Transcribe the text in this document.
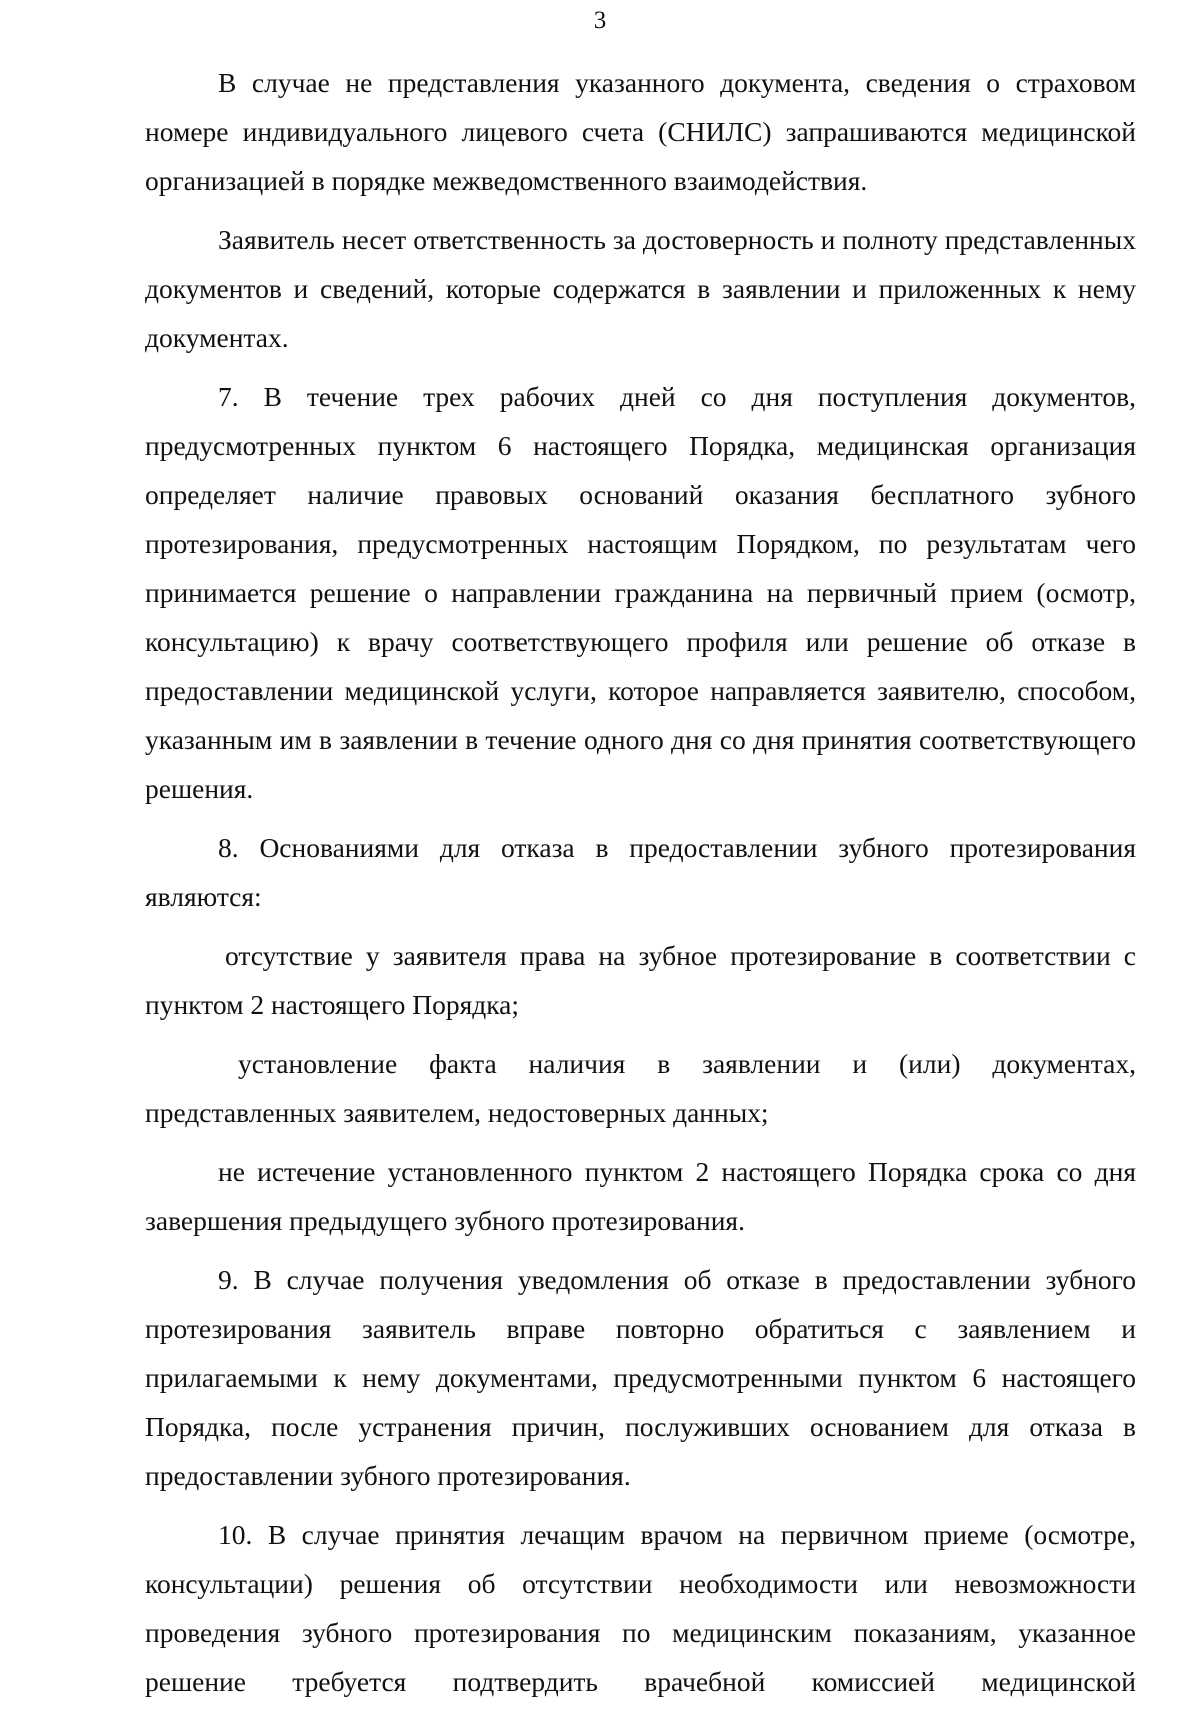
3

В случае не представления указанного документа, сведения о страховом номере индивидуального лицевого счета (СНИЛС) запрашиваются медицинской организацией в порядке межведомственного взаимодействия.

Заявитель несет ответственность за достоверность и полноту представленных документов и сведений, которые содержатся в заявлении и приложенных к нему документах.

7. В течение трех рабочих дней со дня поступления документов, предусмотренных пунктом 6 настоящего Порядка, медицинская организация определяет наличие правовых оснований оказания бесплатного зубного протезирования, предусмотренных настоящим Порядком, по результатам чего принимается решение о направлении гражданина на первичный прием (осмотр, консультацию) к врачу соответствующего профиля или решение об отказе в предоставлении медицинской услуги, которое направляется заявителю, способом, указанным им в заявлении в течение одного дня со дня принятия соответствующего решения.

8. Основаниями для отказа в предоставлении зубного протезирования являются:

отсутствие у заявителя права на зубное протезирование в соответствии с пунктом 2 настоящего Порядка;

установление факта наличия в заявлении и (или) документах, представленных заявителем, недостоверных данных;

не истечение установленного пунктом 2 настоящего Порядка срока со дня завершения предыдущего зубного протезирования.

9. В случае получения уведомления об отказе в предоставлении зубного протезирования заявитель вправе повторно обратиться с заявлением и прилагаемыми к нему документами, предусмотренными пунктом 6 настоящего Порядка, после устранения причин, послуживших основанием для отказа в предоставлении зубного протезирования.

10. В случае принятия лечащим врачом на первичном приеме (осмотре, консультации) решения об отсутствии необходимости или невозможности проведения зубного протезирования по медицинским показаниям, указанное решение требуется подтвердить врачебной комиссией медицинской
